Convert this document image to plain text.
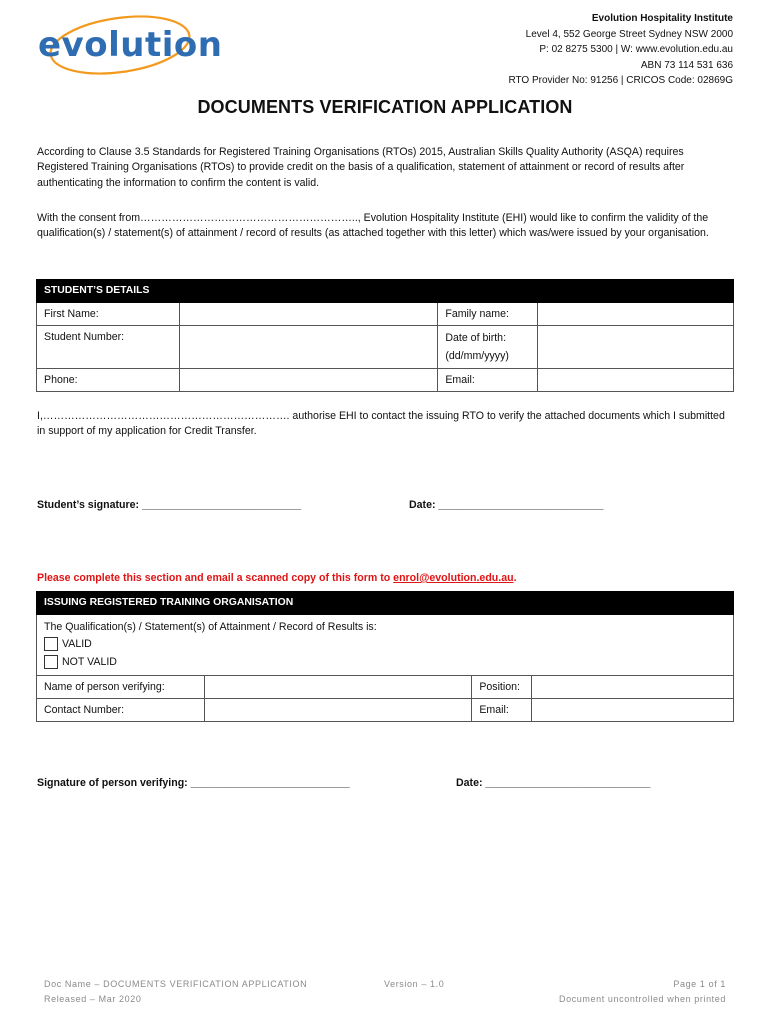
evolution
Evolution Hospitality Institute
Level 4, 552 George Street Sydney NSW 2000
P: 02 8275 5300 | W: www.evolution.edu.au
ABN 73 114 531 636
RTO Provider No: 91256 | CRICOS Code: 02869G
DOCUMENTS VERIFICATION APPLICATION
According to Clause 3.5 Standards for Registered Training Organisations (RTOs) 2015, Australian Skills Quality Authority (ASQA) requires Registered Training Organisations (RTOs) to provide credit on the basis of a qualification, statement of attainment or record of results after authenticating the information to confirm the content is valid.
With the consent from…………………………………………………….., Evolution Hospitality Institute (EHI) would like to confirm the validity of the qualification(s) / statement(s) of attainment / record of results (as attached together with this letter) which was/were issued by your organisation.
STUDENT’S DETAILS			
First Name:		Family name:	
Student Number:		Date of birth:
(dd/mm/yyyy)	

Phone:		Email:	
I,……………………………………………………………. authorise EHI to contact the issuing RTO to verify the attached documents which I submitted in support of my application for Credit Transfer.
Student’s signature: ___________________________	Date: ____________________________
Please complete this section and email a scanned copy of this form to enrol@evolution.edu.au.
ISSUING REGISTERED TRAINING ORGANISATION			

The Qualification(s) / Statement(s) of Attainment / Record of Results is:
VALID
NOT VALID			

Name of person verifying:		Position:	
Contact Number:		Email:	
Signature of person verifying: ___________________________	Date: ____________________________
Doc Name – DOCUMENTS VERIFICATION APPLICATION
Released – Mar 2020
Version – 1.0	Page 1 of 1
Document uncontrolled when printed
